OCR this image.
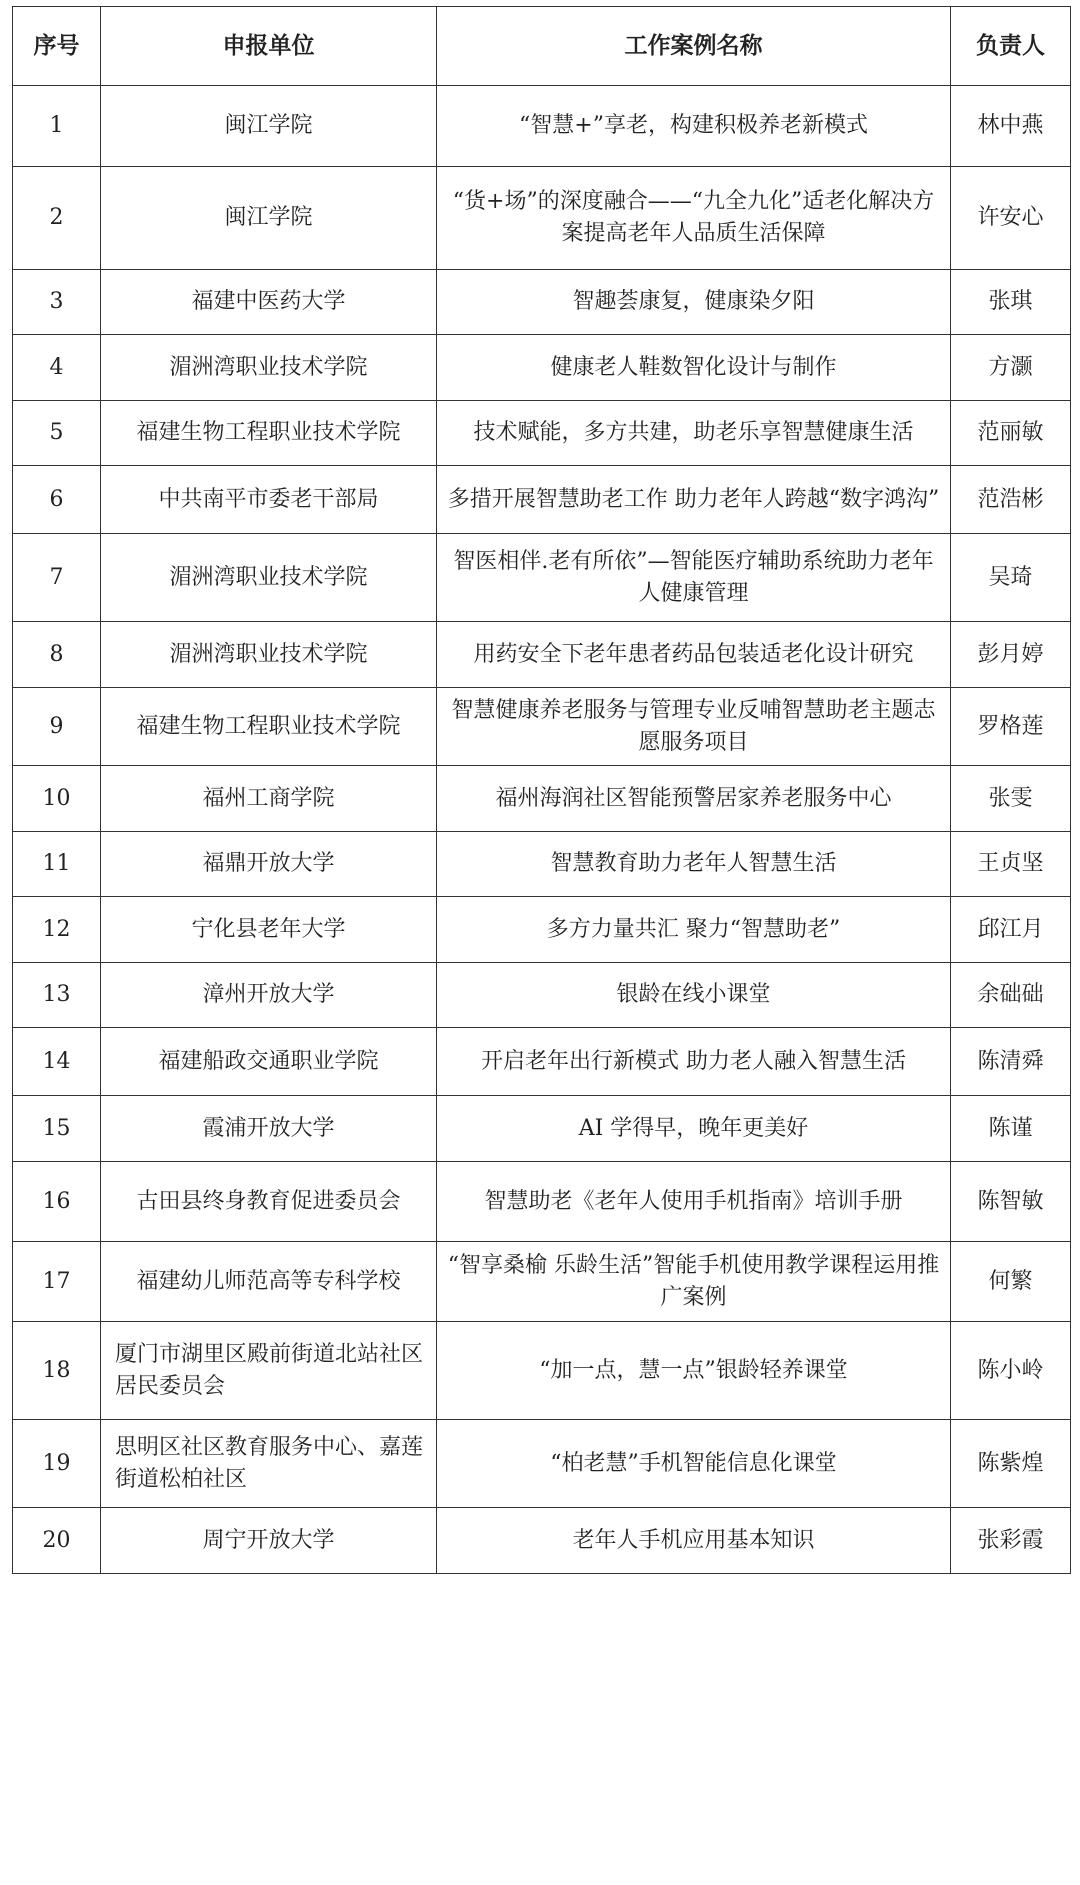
序号	申报单位	工作案例名称	负责人
1	闽江学院	“智慧+”享老，构建积极养老新模式	林中燕
2	闽江学院	“货+场”的深度融合——“九全九化”适老化解决方案提高老年人品质生活保障	许安心
3	福建中医药大学	智趣荟康复，健康染夕阳	张琪
4	湄洲湾职业技术学院	健康老人鞋数智化设计与制作	方灏
5	福建生物工程职业技术学院	技术赋能，多方共建，助老乐享智慧健康生活	范丽敏
6	中共南平市委老干部局	多措开展智慧助老工作 助力老年人跨越“数字鸿沟”	范浩彬
7	湄洲湾职业技术学院	智医相伴.老有所依”—智能医疗辅助系统助力老年人健康管理	吴琦
8	湄洲湾职业技术学院	用药安全下老年患者药品包装适老化设计研究	彭月婷
9	福建生物工程职业技术学院	智慧健康养老服务与管理专业反哺智慧助老主题志愿服务项目	罗格莲
10	福州工商学院	福州海润社区智能预警居家养老服务中心	张雯
11	福鼎开放大学	智慧教育助力老年人智慧生活	王贞坚
12	宁化县老年大学	多方力量共汇 聚力“智慧助老”	邱江月
13	漳州开放大学	银龄在线小课堂	余础础
14	福建船政交通职业学院	开启老年出行新模式 助力老人融入智慧生活	陈清舜
15	霞浦开放大学	AI 学得早，晚年更美好	陈谨
16	古田县终身教育促进委员会	智慧助老《老年人使用手机指南》培训手册	陈智敏
17	福建幼儿师范高等专科学校	“智享桑榆 乐龄生活”智能手机使用教学课程运用推广案例	何繁
18	厦门市湖里区殿前街道北站社区居民委员会	“加一点，慧一点”银龄轻养课堂	陈小岭
19	思明区社区教育服务中心、嘉莲街道松柏社区	“柏老慧”手机智能信息化课堂	陈紫煌
20	周宁开放大学	老年人手机应用基本知识	张彩霞
